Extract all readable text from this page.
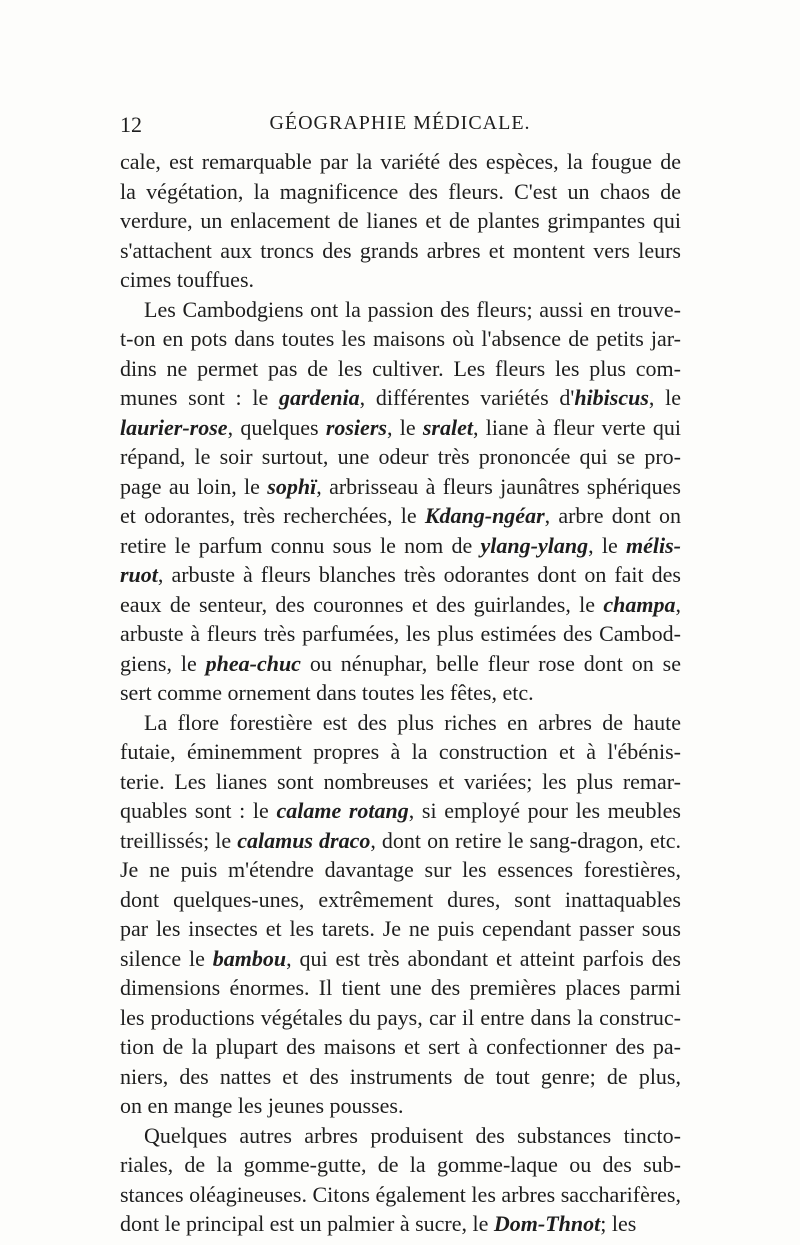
12	GÉOGRAPHIE MÉDICALE.
cale, est remarquable par la variété des espèces, la fougue de
la végétation, la magnificence des fleurs. C'est un chaos de
verdure, un enlacement de lianes et de plantes grimpantes qui
s'attachent aux troncs des grands arbres et montent vers leurs
cimes touffues.
Les Cambodgiens ont la passion des fleurs; aussi en trouve-
t-on en pots dans toutes les maisons où l'absence de petits jar-
dins ne permet pas de les cultiver. Les fleurs les plus com-
munes sont : le gardenia, différentes variétés d'hibiscus, le
laurier-rose, quelques rosiers, le sralet, liane à fleur verte qui
répand, le soir surtout, une odeur très prononcée qui se pro-
page au loin, le sophï, arbrisseau à fleurs jaunâtres sphériques
et odorantes, très recherchées, le Kdang-ngéar, arbre dont on
retire le parfum connu sous le nom de ylang-ylang, le mélis-
ruot, arbuste à fleurs blanches très odorantes dont on fait des
eaux de senteur, des couronnes et des guirlandes, le champa,
arbuste à fleurs très parfumées, les plus estimées des Cambod-
giens, le phea-chuc ou nénuphar, belle fleur rose dont on se
sert comme ornement dans toutes les fêtes, etc.
La flore forestière est des plus riches en arbres de haute
futaie, éminemment propres à la construction et à l'ébénis-
terie. Les lianes sont nombreuses et variées; les plus remar-
quables sont : le calame rotang, si employé pour les meubles
treillissés; le calamus draco, dont on retire le sang-dragon, etc.
Je ne puis m'étendre davantage sur les essences forestières,
dont quelques-unes, extrêmement dures, sont inattaquables
par les insectes et les tarets. Je ne puis cependant passer sous
silence le bambou, qui est très abondant et atteint parfois des
dimensions énormes. Il tient une des premières places parmi
les productions végétales du pays, car il entre dans la construc-
tion de la plupart des maisons et sert à confectionner des pa-
niers, des nattes et des instruments de tout genre; de plus,
on en mange les jeunes pousses.
Quelques autres arbres produisent des substances tincto-
riales, de la gomme-gutte, de la gomme-laque ou des sub-
stances oléagineuses. Citons également les arbres saccharifères,
dont le principal est un palmier à sucre, le Dom-Thnot; les
